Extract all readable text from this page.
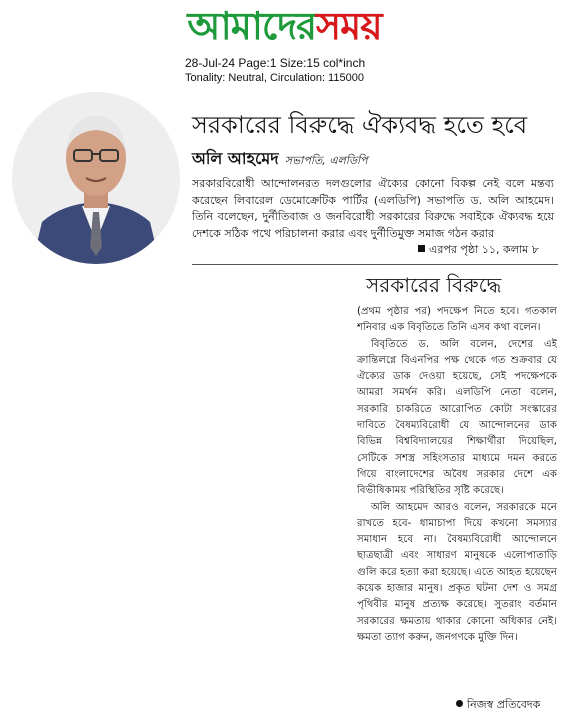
আমাদেরসময়
28-Jul-24 Page:1 Size:15 col*inch
Tonality: Neutral, Circulation: 115000
সরকারের বিরুদ্ধে ঐক্যবদ্ধ হতে হবে
অলি আহমেদ সভাপতি, এলডিপি
সরকারবিরোধী আন্দোলনরত দলগুলোর ঐক্যের কোনো বিকল্প নেই বলে মন্তব্য করেছেন লিবারেল ডেমোক্রেটিক পার্টির (এলডিপি) সভাপতি ড. অলি আহমেদ। তিনি বলেছেন, দুর্নীতিবাজ ও জনবিরোধী সরকারের বিরুদ্ধে সবাইকে ঐক্যবদ্ধ হয়ে দেশকে সঠিক পথে পরিচালনা করার এবং দুর্নীতিমুক্ত সমাজ গঠন করার
এরপর পৃষ্ঠা ১১, কলাম ৮
সরকারের বিরুদ্ধে

(প্রথম পৃষ্ঠার পর) পদক্ষেপ নিতে হবে। গতকাল শনিবার এক বিবৃতিতে তিনি এসব কথা বলেন।

বিবৃতিতে ড. অলি বলেন, দেশের এই ক্রান্তিলগ্নে বিএনপির পক্ষ থেকে গত শুক্রবার যে ঐক্যের ডাক দেওয়া হয়েছে, সেই পদক্ষেপকে আমরা সমর্থন করি। এলডিপি নেতা বলেন, সরকারি চাকরিতে আরোপিত কোটা সংস্কারের দাবিতে বৈষম্যবিরোধী যে আন্দোলনের ডাক বিভিন্ন বিশ্ববিদ্যালয়ের শিক্ষার্থীরা দিয়েছিল, সেটিকে সশস্ত্র সহিংসতার মাধ্যমে দমন করতে গিয়ে বাংলাদেশের অবৈধ সরকার দেশে এক বিভীষিকাময় পরিস্থিতির সৃষ্টি করেছে।

অলি আহমেদ আরও বলেন, সরকারকে মনে রাখতে হবে- ধামাচাপা দিয়ে কখনো সমস্যার সমাধান হবে না। বৈষম্যবিরোধী আন্দোলনে ছাত্রছাত্রী এবং সাধারণ মানুষকে এলোপাতাড়ি গুলি করে হত্যা করা হয়েছে। এতে আহত হয়েছেন কয়েক হাজার মানুষ। প্রকৃত ঘটনা দেশ ও সমগ্র পৃথিবীর মানুষ প্রত্যক্ষ করেছে। সুতরাং বর্তমান সরকারের ক্ষমতায় থাকার কোনো অধিকার নেই। ক্ষমতা ত্যাগ করুন, জনগণকে মুক্তি দিন।

নিজস্ব প্রতিবেদক
